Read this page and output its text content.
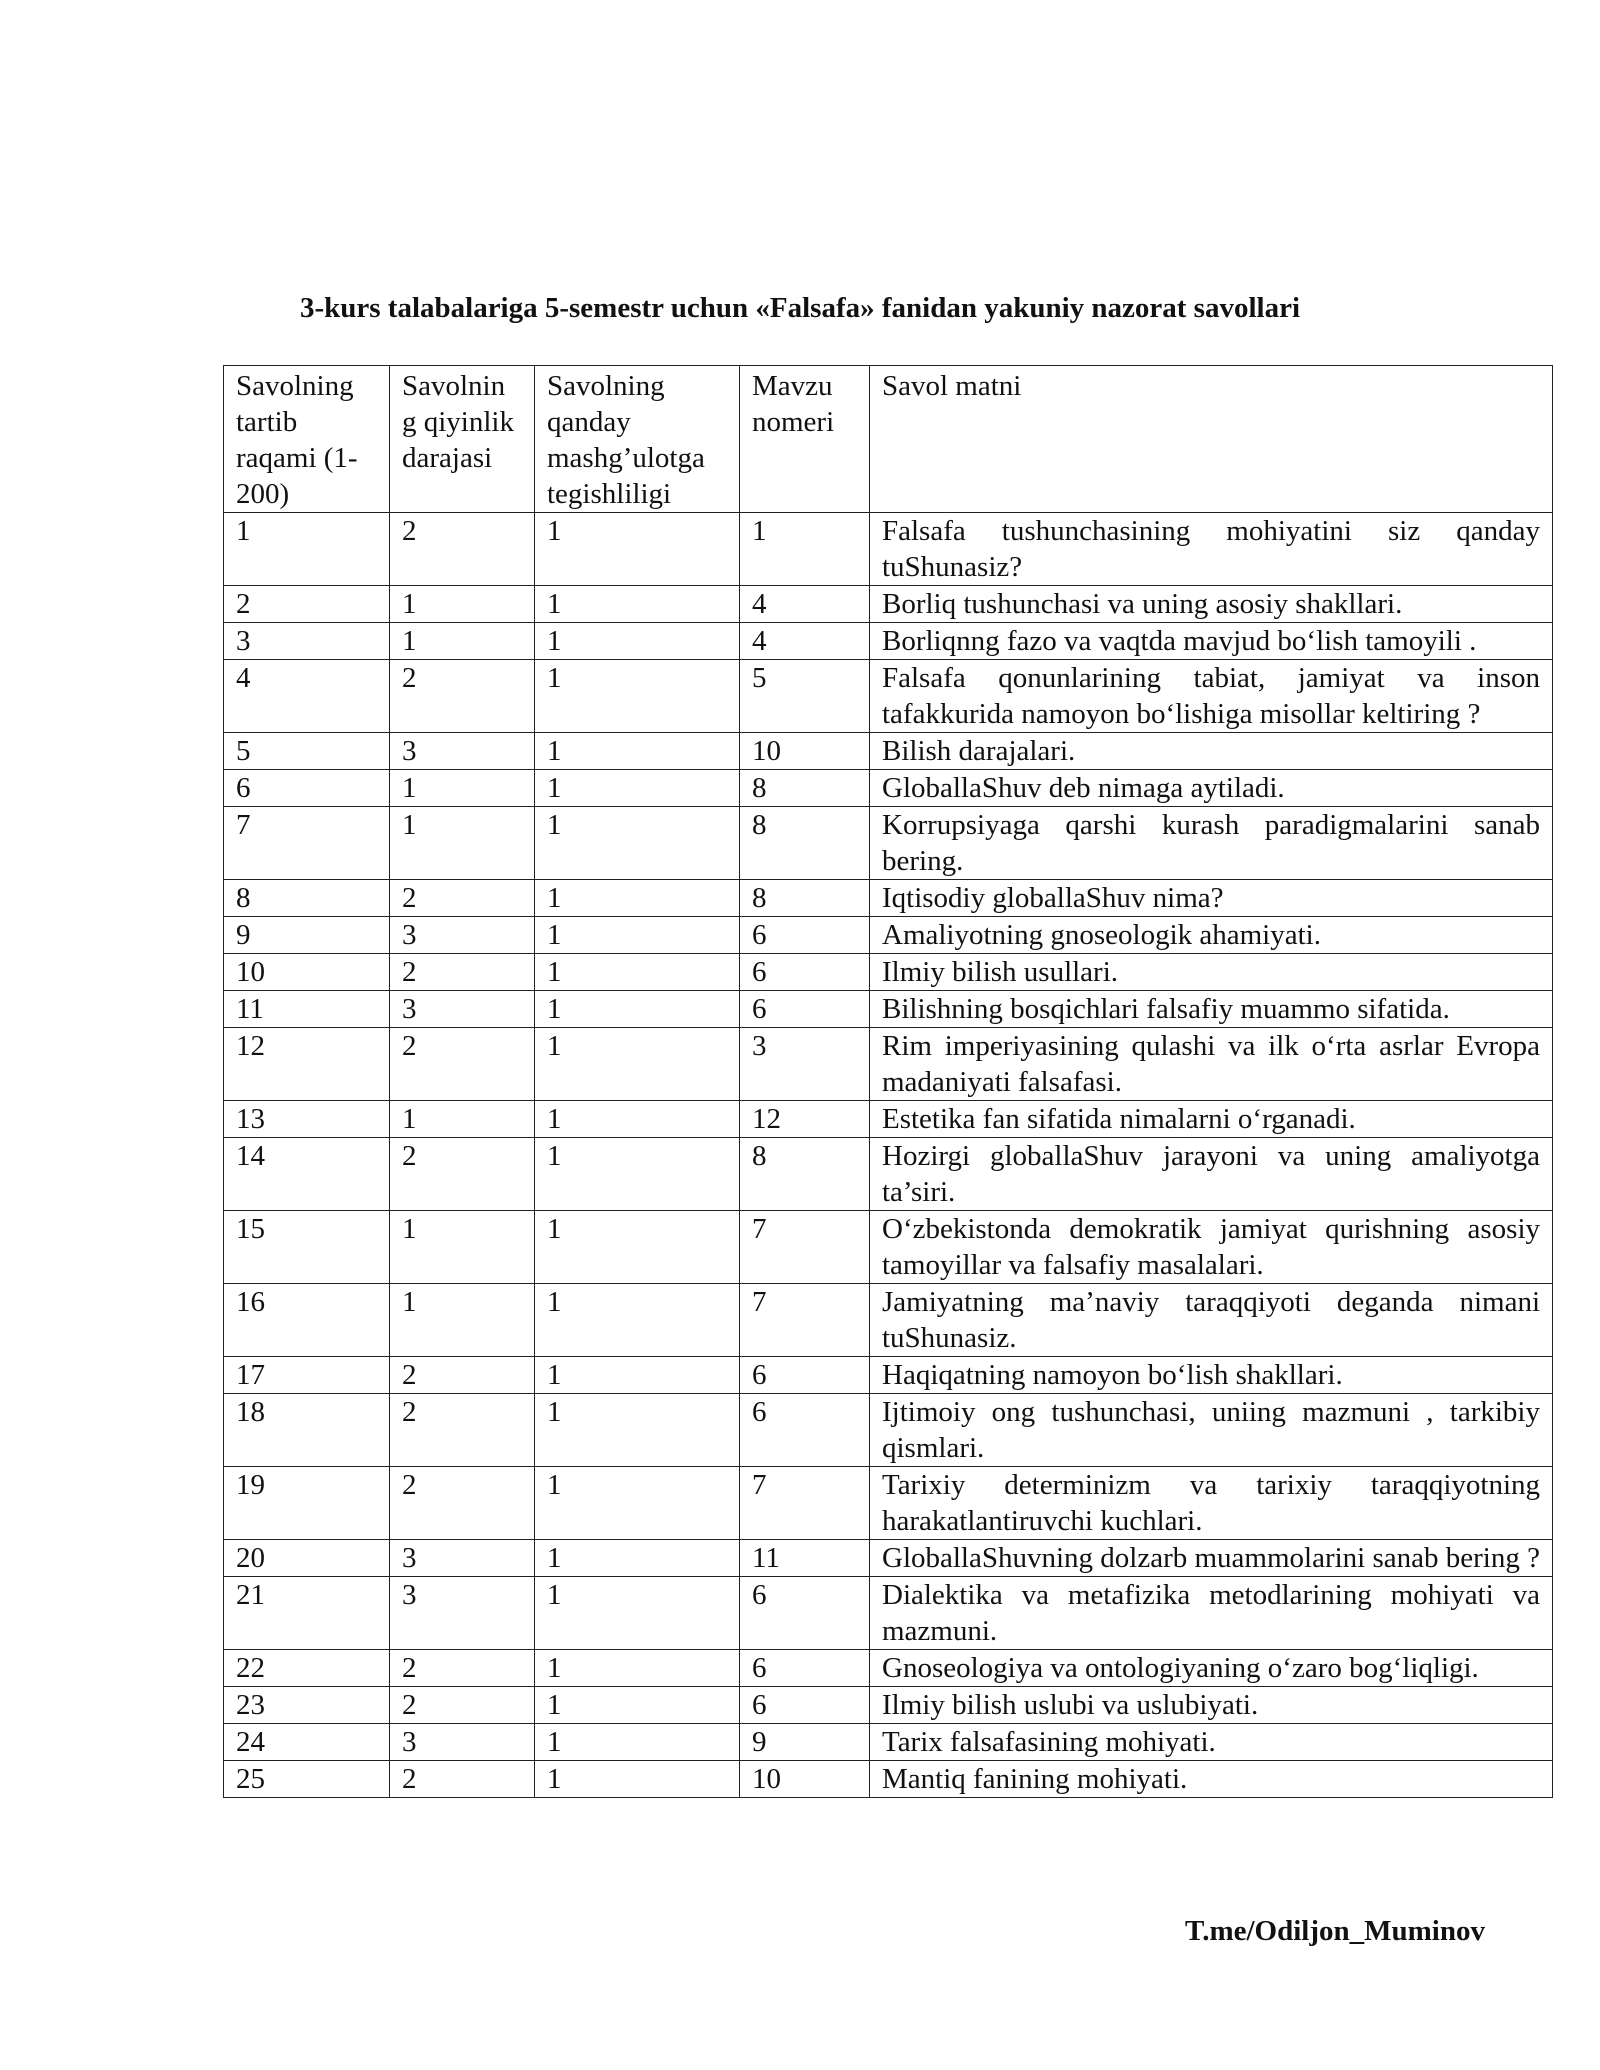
3-kurs talabalariga 5-semestr uchun «Falsafa» fanidan yakuniy nazorat savollari
Savolning tartib raqami (1-200)	Savolnin g qiyinlik darajasi	Savolning qanday mashg’ulotga tegishliligi	Mavzu nomeri	Savol matni
1	2	1	1	Falsafa tushunchasining mohiyatini siz qanday tuShunasiz?
2	1	1	4	Borliq tushunchasi va uning asosiy shakllari.
3	1	1	4	Borliqnng fazo va vaqtda mavjud bo‘lish tamoyili .
4	2	1	5	Falsafa qonunlarining tabiat, jamiyat va inson tafakkurida namoyon bo‘lishiga misollar keltiring ?
5	3	1	10	Bilish darajalari.
6	1	1	8	GloballaShuv deb nimaga aytiladi.
7	1	1	8	Korrupsiyaga qarshi kurash paradigmalarini sanab bering.
8	2	1	8	Iqtisodiy globallaShuv nima?
9	3	1	6	Amaliyotning gnoseologik ahamiyati.
10	2	1	6	Ilmiy bilish usullari.
11	3	1	6	Bilishning bosqichlari falsafiy muammo sifatida.
12	2	1	3	Rim imperiyasining qulashi va ilk o‘rta asrlar Evropa madaniyati falsafasi.
13	1	1	12	Estetika fan sifatida nimalarni o‘rganadi.
14	2	1	8	Hozirgi globallaShuv jarayoni va uning amaliyotga ta’siri.
15	1	1	7	O‘zbekistonda demokratik jamiyat qurishning asosiy tamoyillar va falsafiy masalalari.
16	1	1	7	Jamiyatning ma’naviy taraqqiyoti deganda nimani tuShunasiz.
17	2	1	6	Haqiqatning namoyon bo‘lish shakllari.
18	2	1	6	Ijtimoiy ong tushunchasi, uniing mazmuni , tarkibiy qismlari.
19	2	1	7	Tarixiy determinizm va tarixiy taraqqiyotning harakatlantiruvchi kuchlari.
20	3	1	11	GloballaShuvning dolzarb muammolarini sanab bering ?
21	3	1	6	Dialektika va metafizika metodlarining mohiyati va mazmuni.
22	2	1	6	Gnoseologiya va ontologiyaning o‘zaro bog‘liqligi.
23	2	1	6	Ilmiy bilish uslubi va uslubiyati.
24	3	1	9	Tarix falsafasining mohiyati.
25	2	1	10	Mantiq fanining mohiyati.
T.me/Odiljon_Muminov
